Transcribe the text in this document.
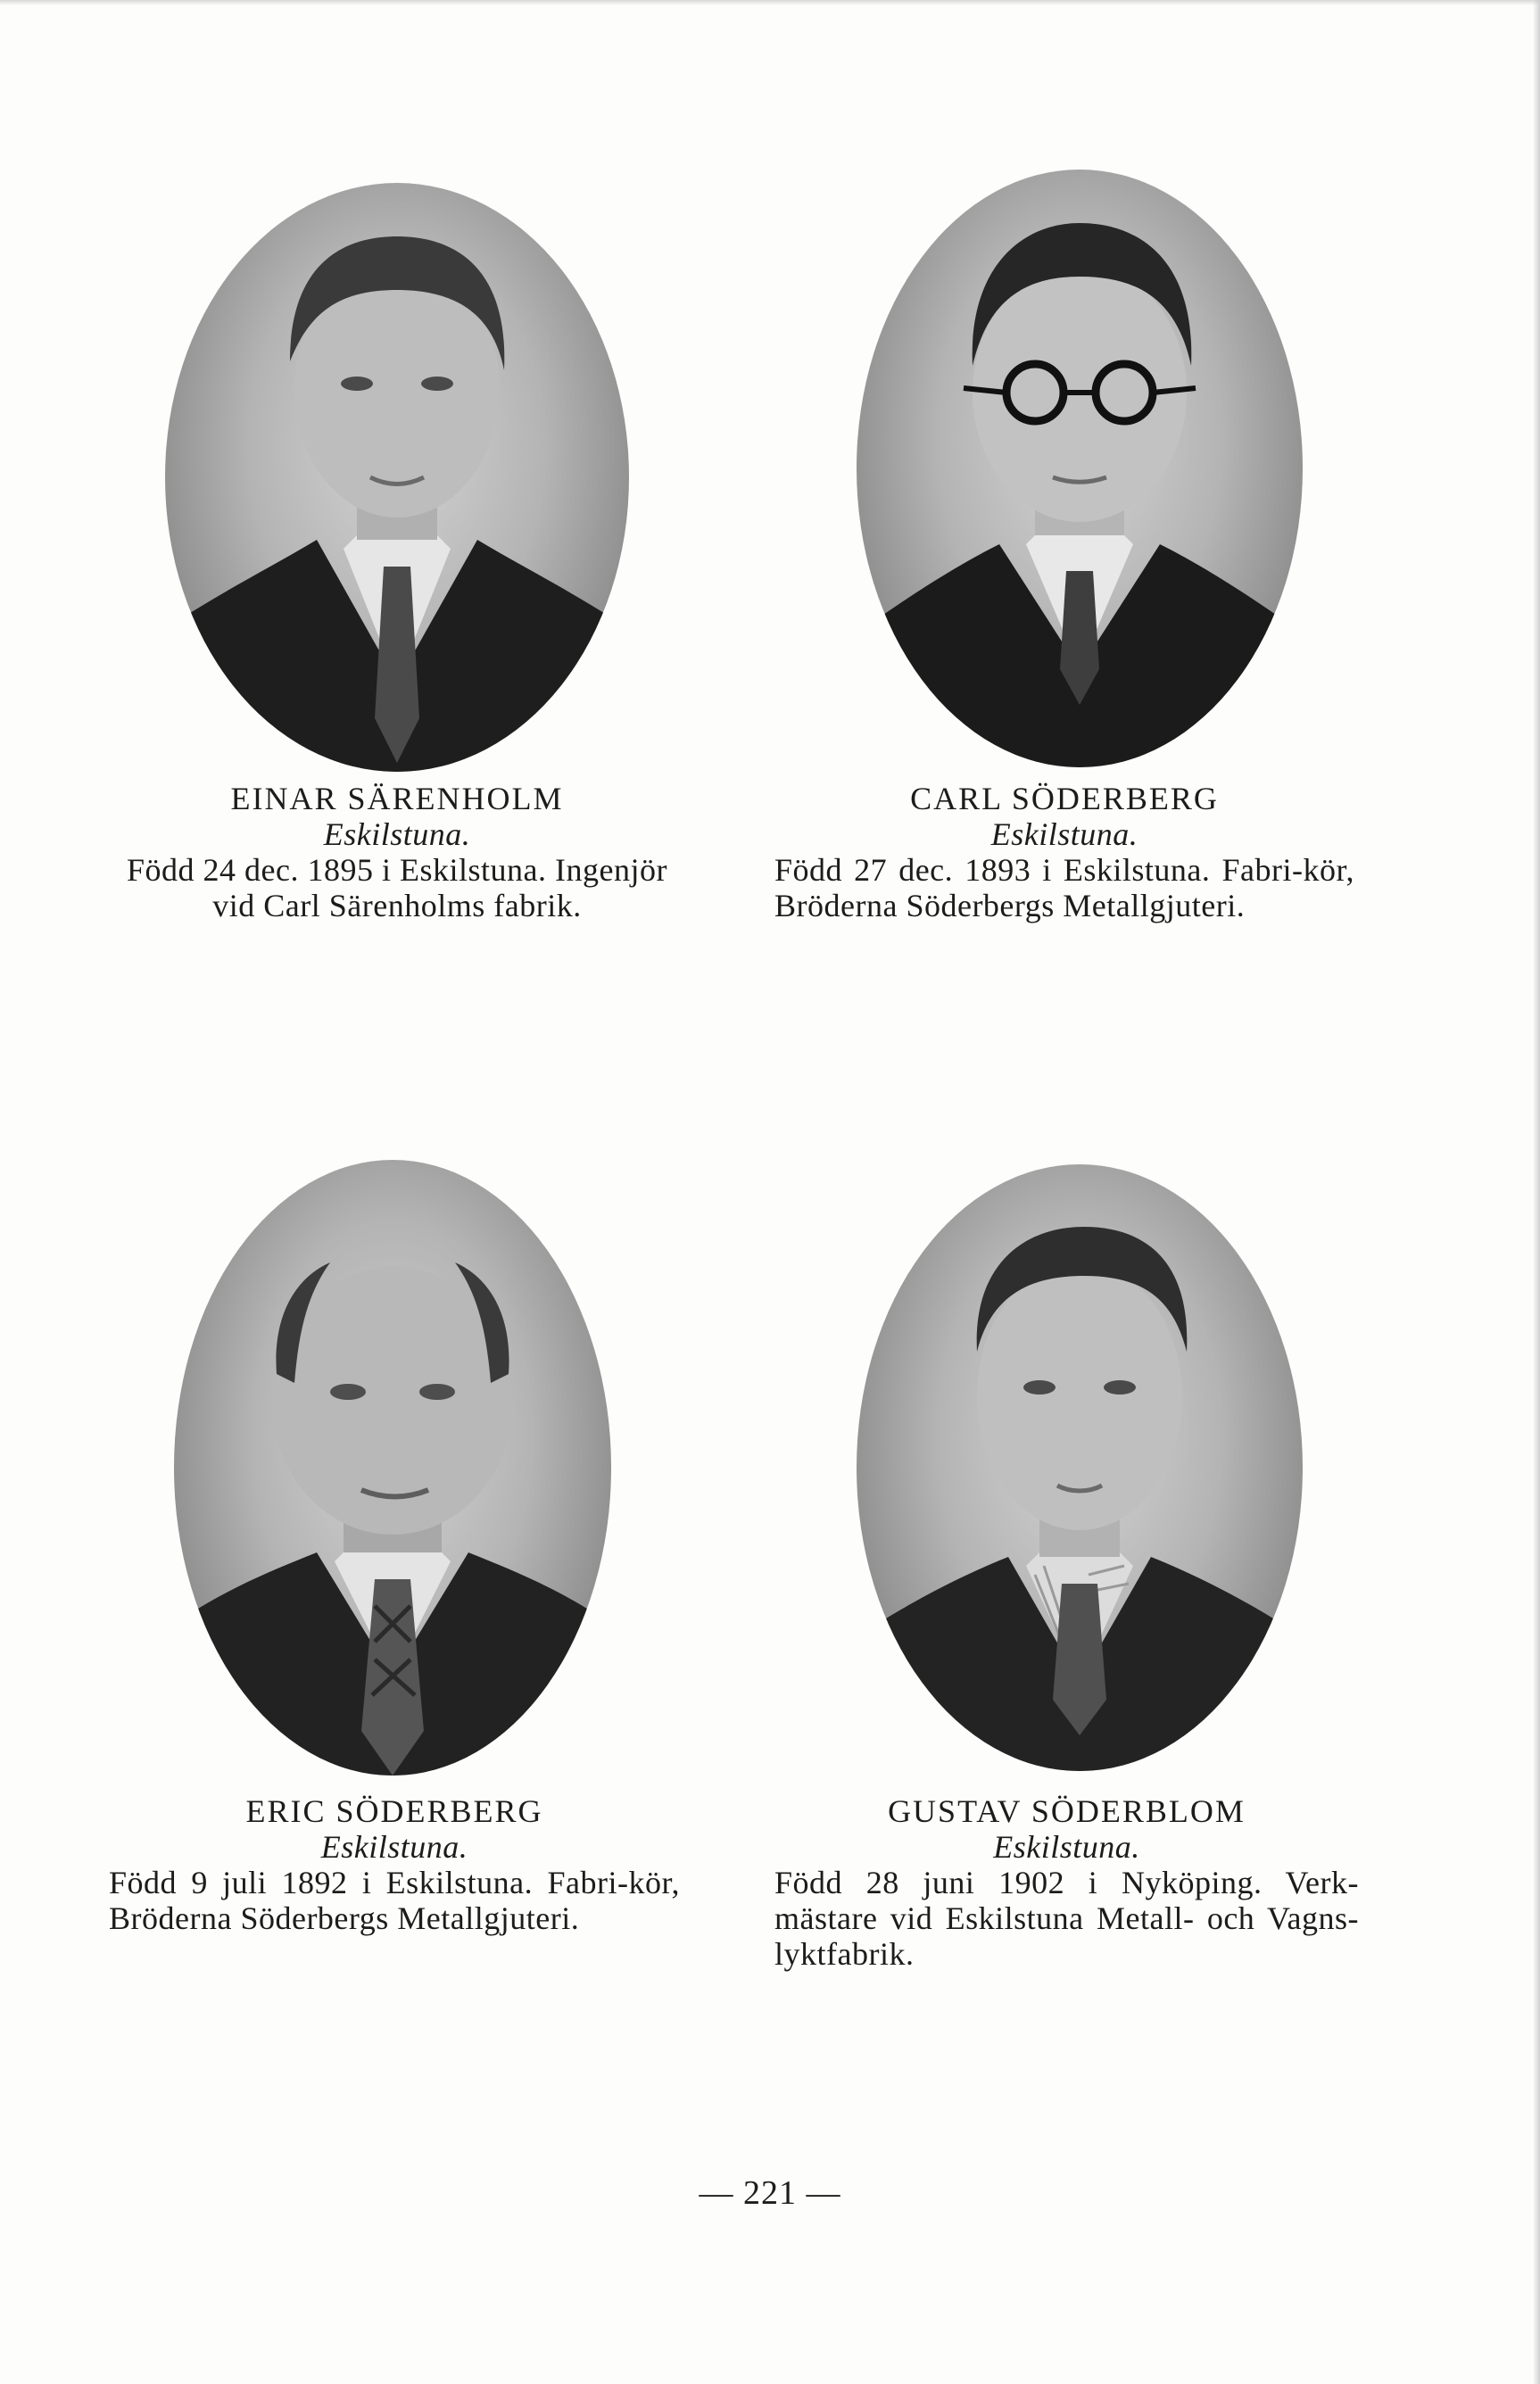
EINAR SÄRENHOLM
Eskilstuna.
Född 24 dec. 1895 i Eskilstuna. Ingenjör vid Carl Särenholms fabrik.
CARL SÖDERBERG
Eskilstuna.
Född 27 dec. 1893 i Eskilstuna. Fabri-kör, Bröderna Söderbergs Metallgjuteri.
ERIC SÖDERBERG
Eskilstuna.
Född 9 juli 1892 i Eskilstuna. Fabri-kör, Bröderna Söderbergs Metallgjuteri.
GUSTAV SÖDERBLOM
Eskilstuna.
Född 28 juni 1902 i Nyköping. Verk-mästare vid Eskilstuna Metall- och Vagns-lyktfabrik.
— 221 —
